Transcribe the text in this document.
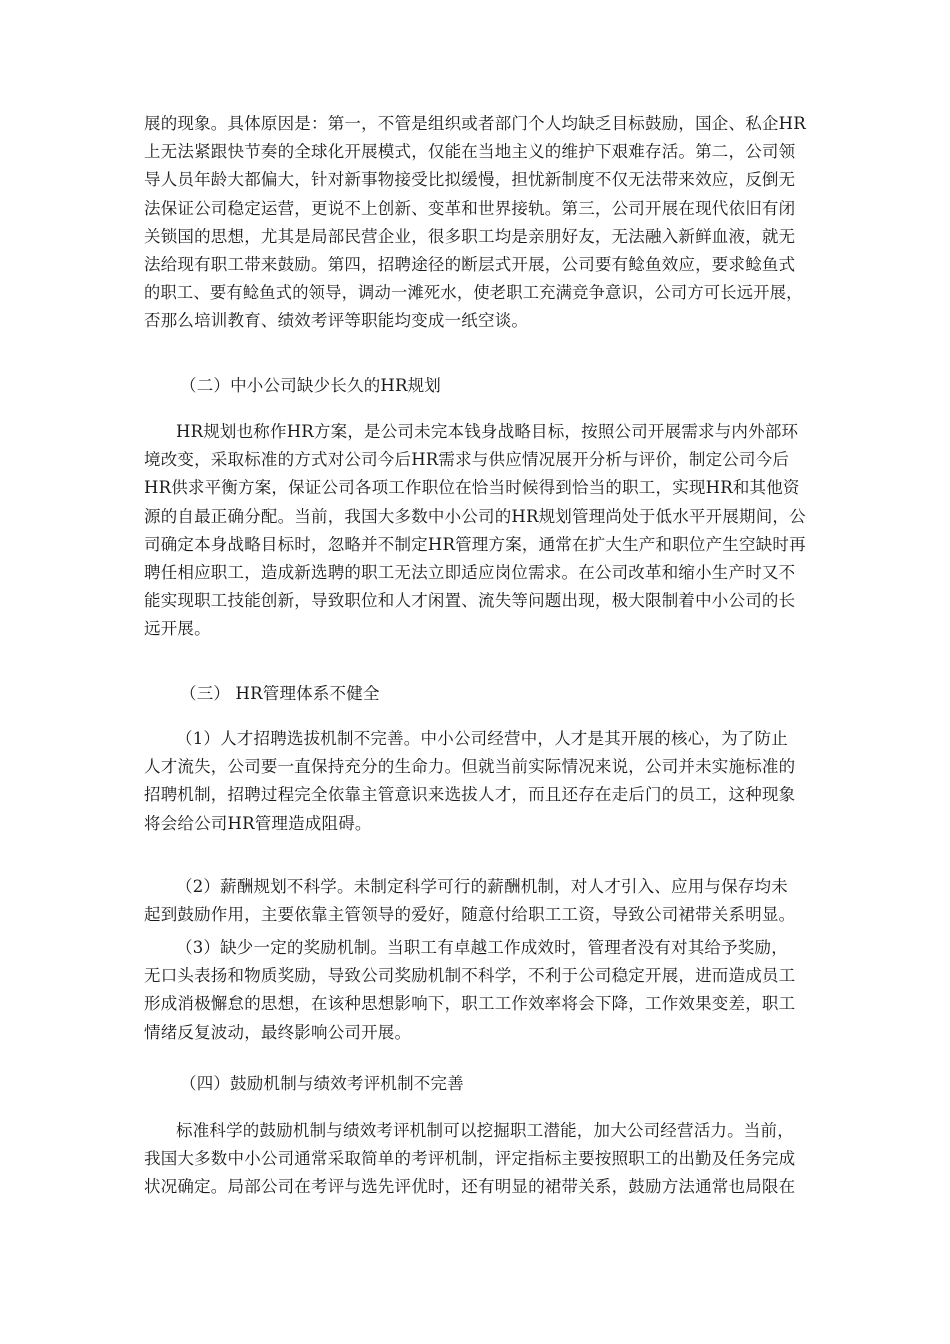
展的现象。具体原因是：第一，不管是组织或者部门个人均缺乏目标鼓励，国企、私企HR
上无法紧跟快节奏的全球化开展模式，仅能在当地主义的维护下艰难存活。第二，公司领
导人员年龄大都偏大，针对新事物接受比拟缓慢，担忧新制度不仅无法带来效应，反倒无
法保证公司稳定运营，更说不上创新、变革和世界接轨。第三，公司开展在现代依旧有闭
关锁国的思想，尤其是局部民营企业，很多职工均是亲朋好友，无法融入新鲜血液，就无
法给现有职工带来鼓励。第四，招聘途径的断层式开展，公司要有鲶鱼效应，要求鲶鱼式
的职工、要有鲶鱼式的领导，调动一滩死水，使老职工充满竞争意识，公司方可长远开展，
否那么培训教育、绩效考评等职能均变成一纸空谈。
（二）中小公司缺少长久的HR规划
HR规划也称作HR方案，是公司未完本钱身战略目标，按照公司开展需求与内外部环
境改变，采取标准的方式对公司今后HR需求与供应情况展开分析与评价，制定公司今后
HR供求平衡方案，保证公司各项工作职位在恰当时候得到恰当的职工，实现HR和其他资
源的自最正确分配。当前，我国大多数中小公司的HR规划管理尚处于低水平开展期间，公
司确定本身战略目标时，忽略并不制定HR管理方案，通常在扩大生产和职位产生空缺时再
聘任相应职工，造成新选聘的职工无法立即适应岗位需求。在公司改革和缩小生产时又不
能实现职工技能创新，导致职位和人才闲置、流失等问题出现，极大限制着中小公司的长
远开展。
（三） HR管理体系不健全
（1）人才招聘选拔机制不完善。中小公司经营中，人才是其开展的核心，为了防止
人才流失，公司要一直保持充分的生命力。但就当前实际情况来说，公司并未实施标准的
招聘机制，招聘过程完全依靠主管意识来选拔人才，而且还存在走后门的员工，这种现象
将会给公司HR管理造成阻碍。
（2）薪酬规划不科学。未制定科学可行的薪酬机制，对人才引入、应用与保存均未
起到鼓励作用，主要依靠主管领导的爱好，随意付给职工工资，导致公司裙带关系明显。
（3）缺少一定的奖励机制。当职工有卓越工作成效时，管理者没有对其给予奖励，
无口头表扬和物质奖励，导致公司奖励机制不科学，不利于公司稳定开展，进而造成员工
形成消极懈怠的思想，在该种思想影响下，职工工作效率将会下降，工作效果变差，职工
情绪反复波动，最终影响公司开展。
（四）鼓励机制与绩效考评机制不完善
标准科学的鼓励机制与绩效考评机制可以挖掘职工潜能，加大公司经营活力。当前，
我国大多数中小公司通常采取简单的考评机制，评定指标主要按照职工的出勤及任务完成
状况确定。局部公司在考评与选先评优时，还有明显的裙带关系，鼓励方法通常也局限在
